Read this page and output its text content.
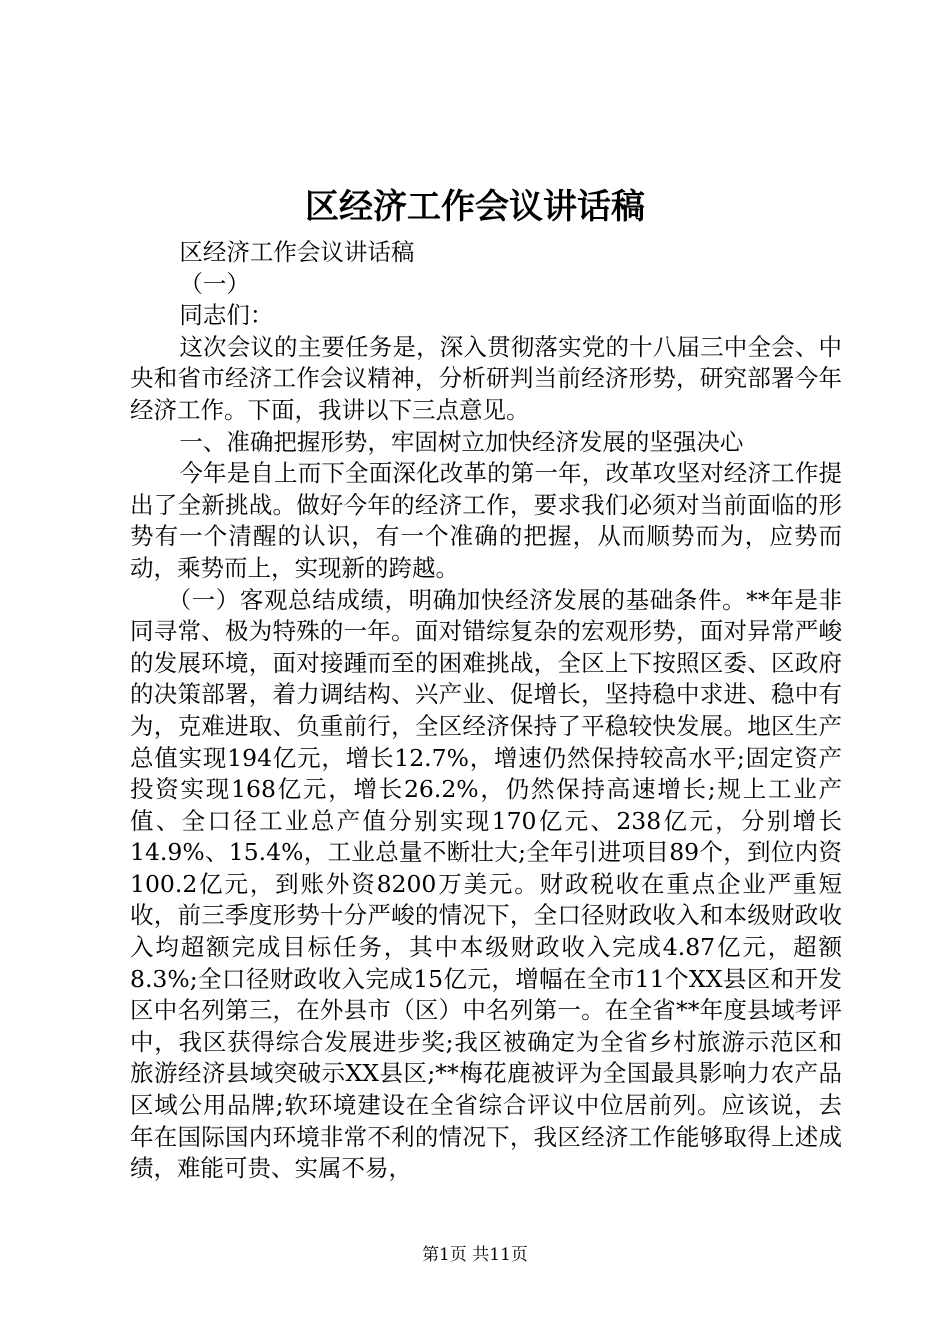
区经济工作会议讲话稿

区经济工作会议讲话稿

（一）

同志们：

这次会议的主要任务是，深入贯彻落实党的十八届三中全会、中央和省市经济工作会议精神，分析研判当前经济形势，研究部署今年经济工作。下面，我讲以下三点意见。

一、准确把握形势，牢固树立加快经济发展的坚强决心

今年是自上而下全面深化改革的第一年，改革攻坚对经济工作提出了全新挑战。做好今年的经济工作，要求我们必须对当前面临的形势有一个清醒的认识，有一个准确的把握，从而顺势而为，应势而动，乘势而上，实现新的跨越。

（一）客观总结成绩，明确加快经济发展的基础条件。**年是非同寻常、极为特殊的一年。面对错综复杂的宏观形势，面对异常严峻的发展环境，面对接踵而至的困难挑战，全区上下按照区委、区政府的决策部署，着力调结构、兴产业、促增长，坚持稳中求进、稳中有为，克难进取、负重前行，全区经济保持了平稳较快发展。地区生产总值实现194亿元，增长12.7%，增速仍然保持较高水平;固定资产投资实现168亿元，增长26.2%，仍然保持高速增长;规上工业产值、全口径工业总产值分别实现170亿元、238亿元，分别增长14.9%、15.4%，工业总量不断壮大;全年引进项目89个，到位内资100.2亿元，到账外资8200万美元。财政税收在重点企业严重短收，前三季度形势十分严峻的情况下，全口径财政收入和本级财政收入均超额完成目标任务，其中本级财政收入完成4.87亿元，超额8.3%;全口径财政收入完成15亿元，增幅在全市11个XX县区和开发区中名列第三，在外县市（区）中名列第一。在全省**年度县域考评中，我区获得综合发展进步奖;我区被确定为全省乡村旅游示范区和旅游经济县域突破示XX县区;**梅花鹿被评为全国最具影响力农产品区域公用品牌;软环境建设在全省综合评议中位居前列。应该说，去年在国际国内环境非常不利的情况下，我区经济工作能够取得上述成绩，难能可贵、实属不易，

第1页 共11页
